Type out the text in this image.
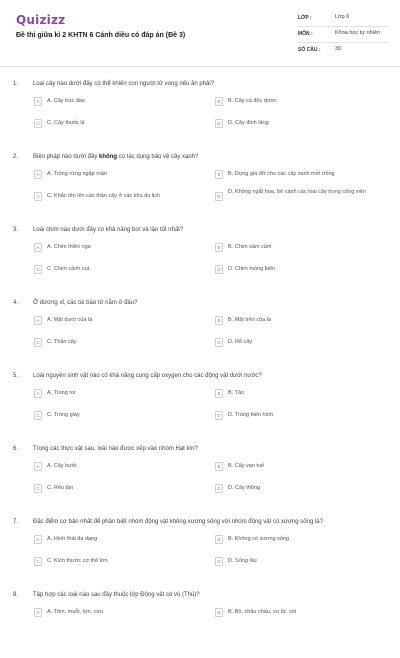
Quizizz
Đề thi giữa kì 2 KHTN 6 Cánh diều có đáp án (Đề 3)
LỚP :	Lớp 6
MÔN :	Khoa học tự nhiên
SỐ CÂU :	30
1. Loại cây nào dưới đây có thể khiến con người tử vong nếu ăn phải?
A	A. Cây trúc đào	B	B. Cây cà độc dược
C	C. Cây thuốc lá	D	D. Cây đinh lăng
2. Biện pháp nào dưới đây không có tác dụng bảo vệ cây xanh?
A	A. Trồng rừng ngập mặn	B	B. Dựng giá đỡ cho các cây xanh mới trồng
C	C. Khắc tên lên các thân cây ở các khu du lịch	D
D. Không ngắt hoa, bẻ cành các loài cây trong công viên
3. Loài chim nào dưới đây có khả năng bơi và lặn tốt nhất?
A	A. Chim thiên nga	B	B. Chim sâm cầm
C	C. Chim cánh cụt	D	D. Chim mòng biển
4. Ở dương xỉ, các túi bào tử nằm ở đâu?
A	A. Mặt dưới của lá	B	B. Mặt trên của lá
C	C. Thân cây	D	D. Rễ cây
5. Loài nguyên sinh vật nào có khả năng cung cấp oxygen cho các động vật dưới nước?
A	A. Trùng roi	B	B. Tảo
C	C. Trùng giày	D	D. Trùng biến hình
6. Trong các thực vật sau, loài nào được xếp vào nhóm Hạt kín?
A	A. Cây bưởi	B	B. Cây vạn tuế
C	C. Rêu tản	D	D. Cây thông
7. Đặc điểm cơ bản nhất để phân biệt nhóm động vật không xương sống với nhóm động vật có xương sống là?
A	A. Hình thái đa dạng	B	B. Không có xương sống
C	C. Kích thước cơ thể lớn	D	D. Sống lâu
8. Tập hợp các loài nào sau đây thuộc lớp Động vật có vú (Thú)?
A	A. Tôm, muỗi, lợn, cừu	B	B. Bò, châu chấu, sư tử, voi
